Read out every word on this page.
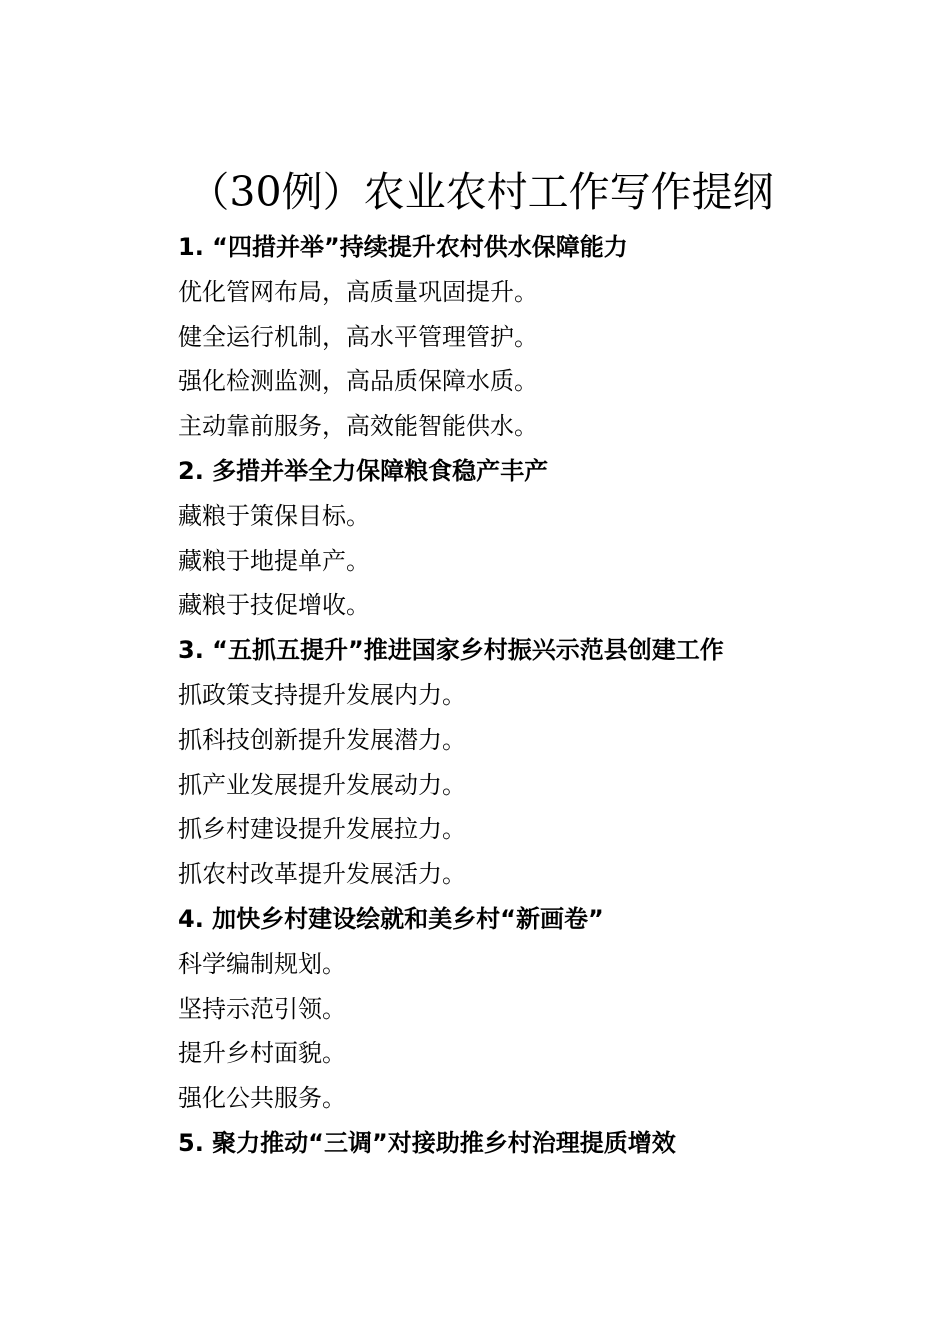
（30例）农业农村工作写作提纲
1. “四措并举”持续提升农村供水保障能力
优化管网布局，高质量巩固提升。
健全运行机制，高水平管理管护。
强化检测监测，高品质保障水质。
主动靠前服务，高效能智能供水。
2. 多措并举全力保障粮食稳产丰产
藏粮于策保目标。
藏粮于地提单产。
藏粮于技促增收。
3. “五抓五提升”推进国家乡村振兴示范县创建工作
抓政策支持提升发展内力。
抓科技创新提升发展潜力。
抓产业发展提升发展动力。
抓乡村建设提升发展拉力。
抓农村改革提升发展活力。
4. 加快乡村建设绘就和美乡村“新画卷”
科学编制规划。
坚持示范引领。
提升乡村面貌。
强化公共服务。
5. 聚力推动“三调”对接助推乡村治理提质增效
